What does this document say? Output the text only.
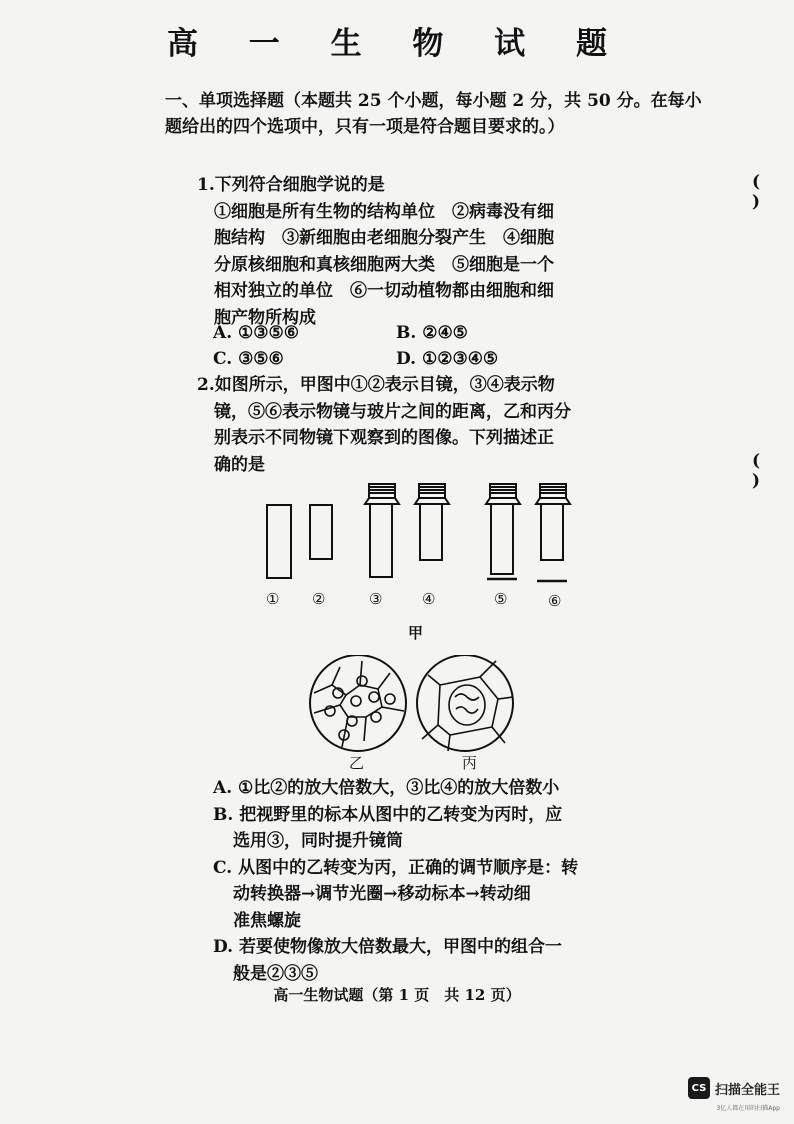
高 一 生 物 试 题
一、单项选择题（本题共 25 个小题，每小题 2 分，共 50 分。在每小题给出的四个选项中，只有一项是符合题目要求的。）
1.下列符合细胞学说的是	( )
①细胞是所有生物的结构单位　②病毒没有细
胞结构　③新细胞由老细胞分裂产生　④细胞
分原核细胞和真核细胞两大类　⑤细胞是一个
相对独立的单位　⑥一切动植物都由细胞和细
胞产物所构成
A. ①③⑤⑥	B. ②④⑤
C. ③⑤⑥	D. ①②③④⑤
2.如图所示，甲图中①②表示目镜，③④表示物
镜，⑤⑥表示物镜与玻片之间的距离，乙和丙分
别表示不同物镜下观察到的图像。下列描述正
确的是	( )
① ②	③	④	⑤	⑥
甲
乙	丙
A. ①比②的放大倍数大，③比④的放大倍数小
B. 把视野里的标本从图中的乙转变为丙时，应
选用③，同时提升镜筒
C. 从图中的乙转变为丙，正确的调节顺序是：转
动转换器→调节光圈→移动标本→转动细
准焦螺旋
D. 若要使物像放大倍数最大，甲图中的组合一
般是②③⑤
高一生物试题（第 1 页　共 12 页）
CS 扫描全能王
3亿人都在用的扫描App
